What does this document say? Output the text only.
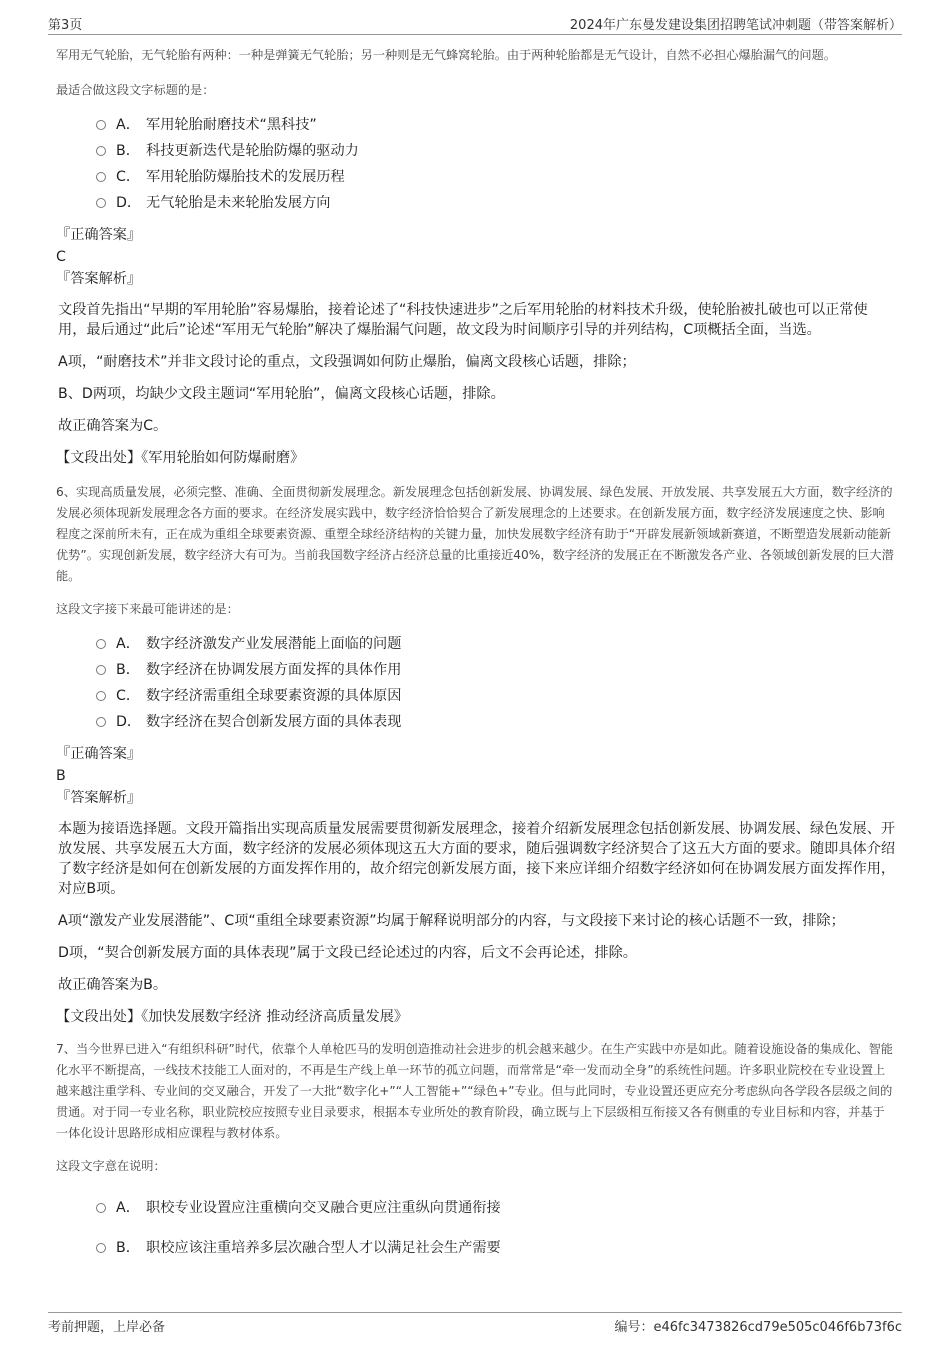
第3页	2024年广东曼发建设集团招聘笔试冲刺题（带答案解析）

军用无气轮胎，无气轮胎有两种：一种是弹簧无气轮胎；另一种则是无气蜂窝轮胎。由于两种轮胎都是无气设计，自然不必担心爆胎漏气的问题。

最适合做这段文字标题的是：

A． 军用轮胎耐磨技术“黑科技”
B． 科技更新迭代是轮胎防爆的驱动力
C． 军用轮胎防爆胎技术的发展历程
D． 无气轮胎是未来轮胎发展方向

『正确答案』

C

『答案解析』

文段首先指出“早期的军用轮胎”容易爆胎，接着论述了“科技快速进步”之后军用轮胎的材料技术升级，使轮胎被扎破也可以正常使用，最后通过“此后”论述“军用无气轮胎”解决了爆胎漏气问题，故文段为时间顺序引导的并列结构，C项概括全面，当选。

A项，“耐磨技术”并非文段讨论的重点，文段强调如何防止爆胎，偏离文段核心话题，排除；

B、D两项，均缺少文段主题词“军用轮胎”，偏离文段核心话题，排除。

故正确答案为C。

【文段出处】《军用轮胎如何防爆耐磨》

6、实现高质量发展，必须完整、准确、全面贯彻新发展理念。新发展理念包括创新发展、协调发展、绿色发展、开放发展、共享发展五大方面，数字经济的发展必须体现新发展理念各方面的要求。在经济发展实践中，数字经济恰恰契合了新发展理念的上述要求。在创新发展方面，数字经济发展速度之快、影响程度之深前所未有，正在成为重组全球要素资源、重塑全球经济结构的关键力量，加快发展数字经济有助于“开辟发展新领域新赛道，不断塑造发展新动能新优势”。实现创新发展，数字经济大有可为。当前我国数字经济占经济总量的比重接近40%，数字经济的发展正在不断激发各产业、各领域创新发展的巨大潜能。

这段文字接下来最可能讲述的是：

A． 数字经济激发产业发展潜能上面临的问题
B． 数字经济在协调发展方面发挥的具体作用
C． 数字经济需重组全球要素资源的具体原因
D． 数字经济在契合创新发展方面的具体表现

『正确答案』

B

『答案解析』

本题为接语选择题。文段开篇指出实现高质量发展需要贯彻新发展理念，接着介绍新发展理念包括创新发展、协调发展、绿色发展、开放发展、共享发展五大方面，数字经济的发展必须体现这五大方面的要求，随后强调数字经济契合了这五大方面的要求。随即具体介绍了数字经济是如何在创新发展的方面发挥作用的，故介绍完创新发展方面，接下来应详细介绍数字经济如何在协调发展方面发挥作用，对应B项。

A项“激发产业发展潜能”、C项“重组全球要素资源”均属于解释说明部分的内容，与文段接下来讨论的核心话题不一致，排除；

D项，“契合创新发展方面的具体表现”属于文段已经论述过的内容，后文不会再论述，排除。

故正确答案为B。

【文段出处】《加快发展数字经济 推动经济高质量发展》

7、当今世界已进入“有组织科研”时代，依靠个人单枪匹马的发明创造推动社会进步的机会越来越少。在生产实践中亦是如此。随着设施设备的集成化、智能化水平不断提高，一线技术技能工人面对的，不再是生产线上单一环节的孤立问题，而常常是“牵一发而动全身”的系统性问题。许多职业院校在专业设置上越来越注重学科、专业间的交叉融合，开发了一大批“数字化+”“人工智能+”“绿色+”专业。但与此同时，专业设置还更应充分考虑纵向各学段各层级之间的贯通。对于同一专业名称，职业院校应按照专业目录要求，根据本专业所处的教育阶段，确立既与上下层级相互衔接又各有侧重的专业目标和内容，并基于一体化设计思路形成相应课程与教材体系。

这段文字意在说明：

A． 职校专业设置应注重横向交叉融合更应注重纵向贯通衔接
B． 职校应该注重培养多层次融合型人才以满足社会生产需要
考前押题，上岸必备	编号：e46fc3473826cd79e505c046f6b73f6c
